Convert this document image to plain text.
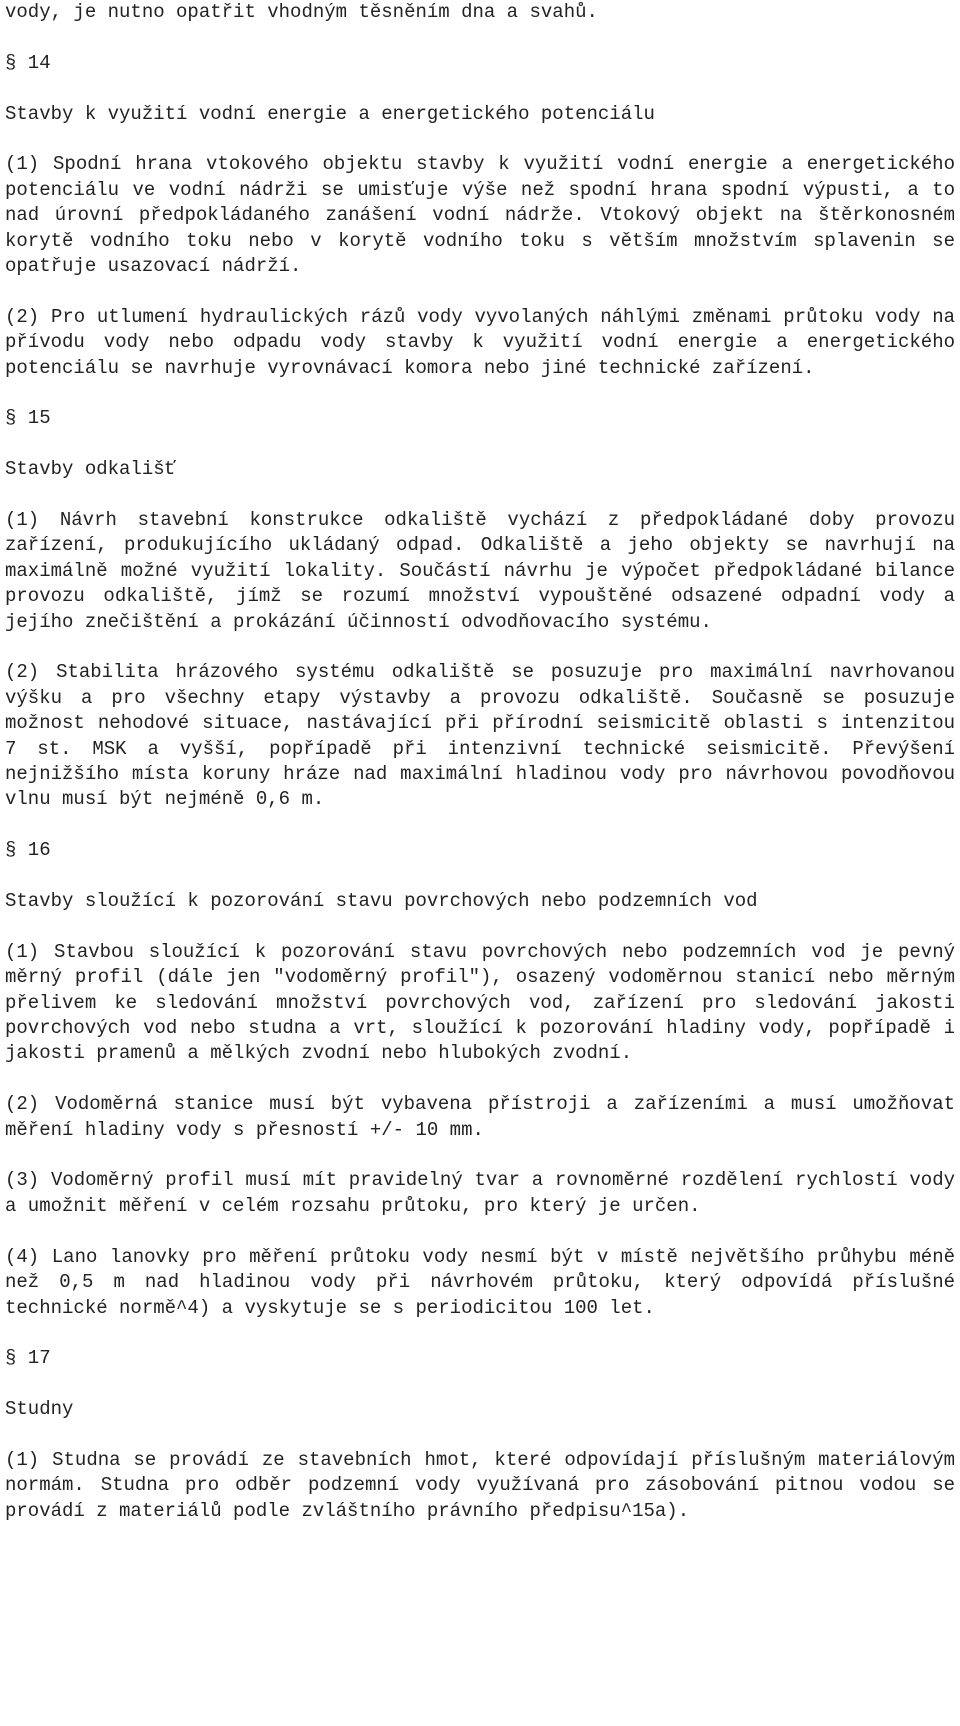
vody, je nutno opatřit vhodným těsněním dna a svahů.

§ 14

Stavby k využití vodní energie a energetického potenciálu

(1) Spodní hrana vtokového objektu stavby k využití vodní energie a energetického potenciálu ve vodní nádrži se umisťuje výše než spodní hrana spodní výpusti, a to nad úrovní předpokládaného zanášení vodní nádrže. Vtokový objekt na štěrkonosném korytě vodního toku nebo v korytě vodního toku s větším množstvím splavenin se opatřuje usazovací nádrží.

(2) Pro utlumení hydraulických rázů vody vyvolaných náhlými změnami průtoku vody na přívodu vody nebo odpadu vody stavby k využití vodní energie a energetického potenciálu se navrhuje vyrovnávací komora nebo jiné technické zařízení.

§ 15

Stavby odkališť

(1) Návrh stavební konstrukce odkaliště vychází z předpokládané doby provozu zařízení, produkujícího ukládaný odpad. Odkaliště a jeho objekty se navrhují na maximálně možné využití lokality. Součástí návrhu je výpočet předpokládané bilance provozu odkaliště, jímž se rozumí množství vypouštěné odsazené odpadní vody a jejího znečištění a prokázání účinností odvodňovacího systému.

(2) Stabilita hrázového systému odkaliště se posuzuje pro maximální navrhovanou výšku a pro všechny etapy výstavby a provozu odkaliště. Současně se posuzuje možnost nehodové situace, nastávající při přírodní seismicitě oblasti s intenzitou 7 st. MSK a vyšší, popřípadě při intenzivní technické seismicitě. Převýšení nejnižšího místa koruny hráze nad maximální hladinou vody pro návrhovou povodňovou vlnu musí být nejméně 0,6 m.

§ 16

Stavby sloužící k pozorování stavu povrchových nebo podzemních vod

(1) Stavbou sloužící k pozorování stavu povrchových nebo podzemních vod je pevný měrný profil (dále jen "vodoměrný profil"), osazený vodoměrnou stanicí nebo měrným přelivem ke sledování množství povrchových vod, zařízení pro sledování jakosti povrchových vod nebo studna a vrt, sloužící k pozorování hladiny vody, popřípadě i jakosti pramenů a mělkých zvodní nebo hlubokých zvodní.

(2) Vodoměrná stanice musí být vybavena přístroji a zařízeními a musí umožňovat měření hladiny vody s přesností +/- 10 mm.

(3) Vodoměrný profil musí mít pravidelný tvar a rovnoměrné rozdělení rychlostí vody a umožnit měření v celém rozsahu průtoku, pro který je určen.

(4) Lano lanovky pro měření průtoku vody nesmí být v místě největšího průhybu méně než 0,5 m nad hladinou vody při návrhovém průtoku, který odpovídá příslušné technické normě^4) a vyskytuje se s periodicitou 100 let.

§ 17

Studny

(1) Studna se provádí ze stavebních hmot, které odpovídají příslušným materiálovým normám. Studna pro odběr podzemní vody využívaná pro zásobování pitnou vodou se provádí z materiálů podle zvláštního právního předpisu^15a).
